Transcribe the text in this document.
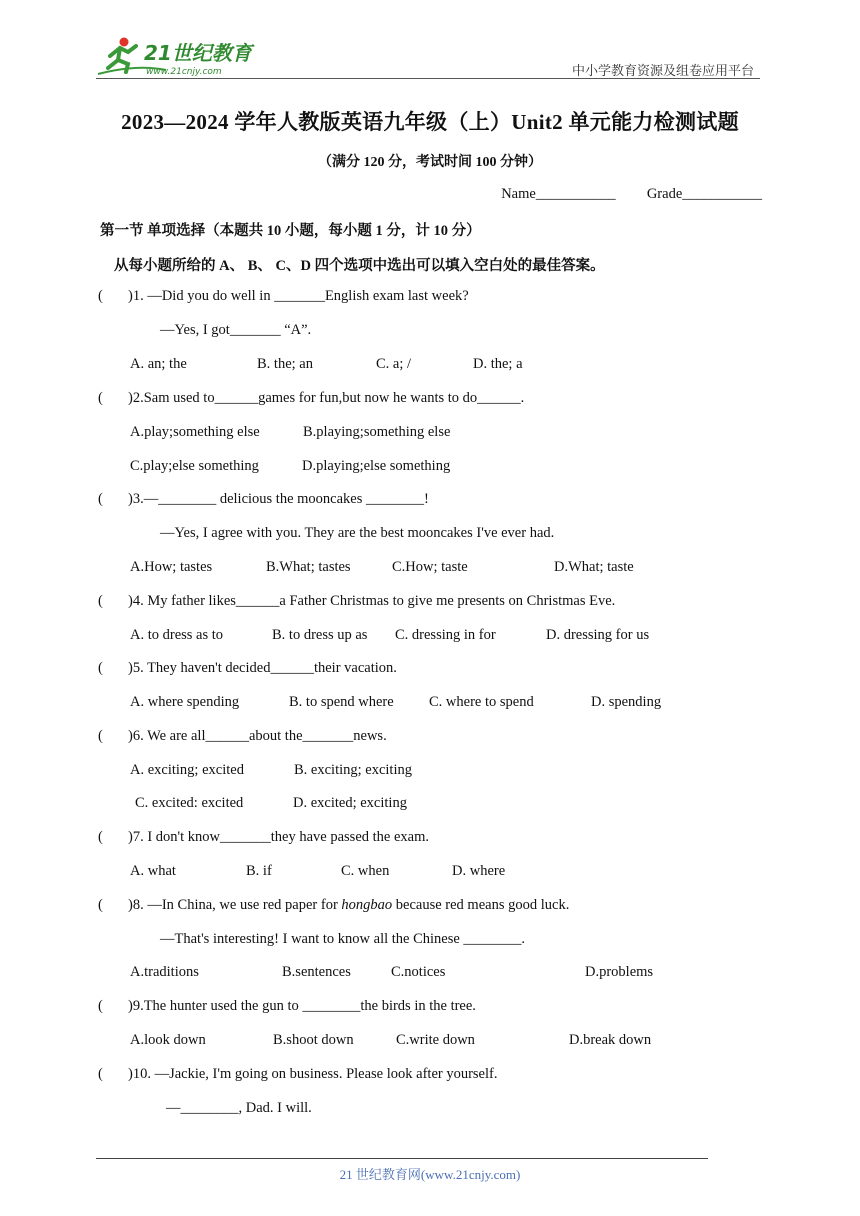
21世纪教育
www.21cnjy.com	中小学教育资源及组卷应用平台
2023—2024 学年人教版英语九年级（上）Unit2 单元能力检测试题
（满分 120 分，考试时间 100 分钟）
Name___________ Grade___________
第一节 单项选择（本题共 10 小题，每小题 1 分，计 10 分）
从每小题所给的 A、 B、 C、D 四个选项中选出可以填入空白处的最佳答案。
( )1. —Did you do well in _______English exam last week?
—Yes, I got_______ “A”.
A. an; the	B. the; an	C. a; /	D. the; a
( )2.Sam used to______games for fun,but now he wants to do______.
A.play;something else	B.playing;something else
C.play;else something	D.playing;else something
( )3.—________ delicious the mooncakes ________!
—Yes, I agree with you. They are the best mooncakes I've ever had.
A.How; tastes	B.What; tastes	C.How; taste	D.What; taste
( )4. My father likes______a Father Christmas to give me presents on Christmas Eve.
A. to dress as to	B. to dress up as C. dressing in for	D. dressing for us
( )5. They haven't decided______their vacation.
A. where spending	B. to spend where C. where to spend	D. spending
( )6. We are all______about the_______news.
A. exciting; excited	B. exciting; exciting
C. excited: excited	D. excited; exciting
( )7. I don't know_______they have passed the exam.
A. what	B. if	C. when	D. where
( )8. —In China, we use red paper for hongbao because red means good luck.
—That's interesting! I want to know all the Chinese ________.
A.traditions	B.sentences	C.notices	D.problems
( )9.The hunter used the gun to ________the birds in the tree.
A.look down	B.shoot down	C.write down	D.break down
( )10. —Jackie, I'm going on business. Please look after yourself.
—________, Dad. I will.
21 世纪教育网(www.21cnjy.com)
